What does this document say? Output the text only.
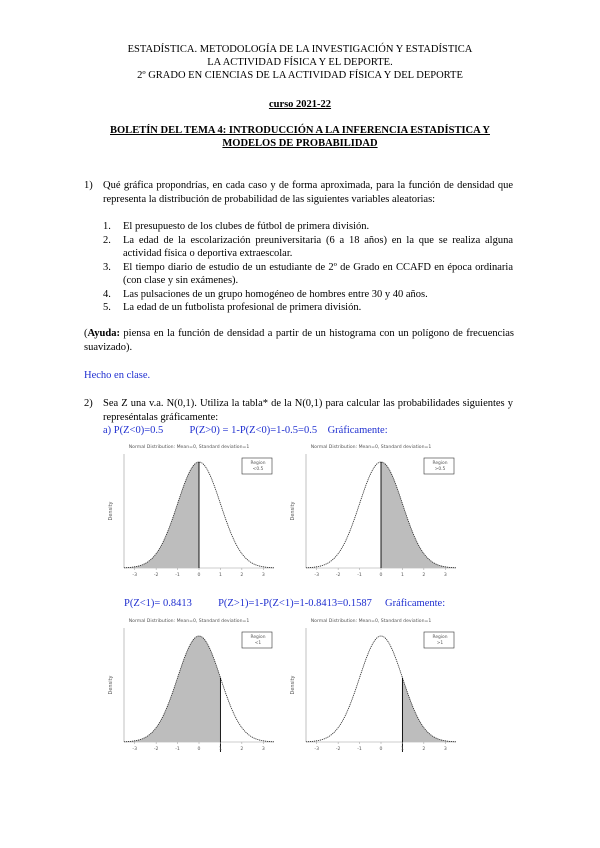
ESTADÍSTICA. METODOLOGÍA DE LA INVESTIGACIÓN Y ESTADÍSTICA
LA ACTIVIDAD FÍSICA Y EL DEPORTE.
2º GRADO EN CIENCIAS DE LA ACTIVIDAD FÍSICA Y DEL DEPORTE
curso 2021-22
BOLETÍN DEL TEMA 4: INTRODUCCIÓN A LA INFERENCIA ESTADÍSTICA Y
MODELOS DE PROBABILIDAD
1) Qué gráfica propondrías, en cada caso y de forma aproximada, para la función de densidad que representa la distribución de probabilidad de las siguientes variables aleatorias:
1. El presupuesto de los clubes de fútbol de primera división.
2. La edad de la escolarización preuniversitaria (6 a 18 años) en la que se realiza alguna actividad física o deportiva extraescolar.
3. El tiempo diario de estudio de un estudiante de 2º de Grado en CCAFD en época ordinaria (con clase y sin exámenes).
4. Las pulsaciones de un grupo homogéneo de hombres entre 30 y 40 años.
5. La edad de un futbolista profesional de primera división.
(Ayuda: piensa en la función de densidad a partir de un histograma con un polígono de frecuencias suavizado).
Hecho en clase.
2) Sea Z una v.a. N(0,1). Utiliza la tabla* de la N(0,1) para calcular las probabilidades siguientes y represéntalas gráficamente:
a) P(Z<0)=0.5          P(Z>0) = 1-P(Z<0)=1-0.5=0.5    Gráficamente:
Normal Distribution: Mean=0, Standard deviation=1
Density
-3	-2	-1	0	1	2	3
Region
<0.5
Normal Distribution: Mean=0, Standard deviation=1
Density
-3	-2	-1	0	1	2	3
Region
>0.5
P(Z<1)= 0.8413          P(Z>1)=1-P(Z<1)=1-0.8413=0.1587     Gráficamente:
Normal Distribution: Mean=0, Standard deviation=1
Density
-3	-2	-1	0	1	2	3
Region
<1
Normal Distribution: Mean=0, Standard deviation=1
Density
-3	-2	-1	0	1	2	3
Region
>1
